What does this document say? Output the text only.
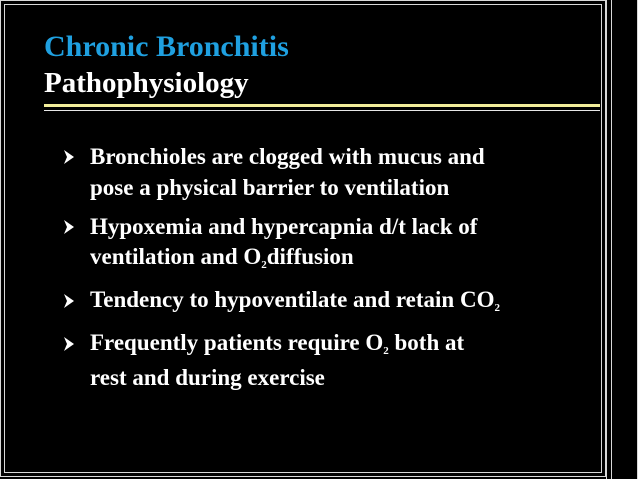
Chronic Bronchitis
Pathophysiology
Bronchioles are clogged with mucus and
pose a physical barrier to ventilation
Hypoxemia and hypercapnia d/t lack of
ventilation and $O_2diffusion$
Tendency to hypoventilate and retain $CO_2$
Frequently patients require $O_2$ both at
rest and during exercise
